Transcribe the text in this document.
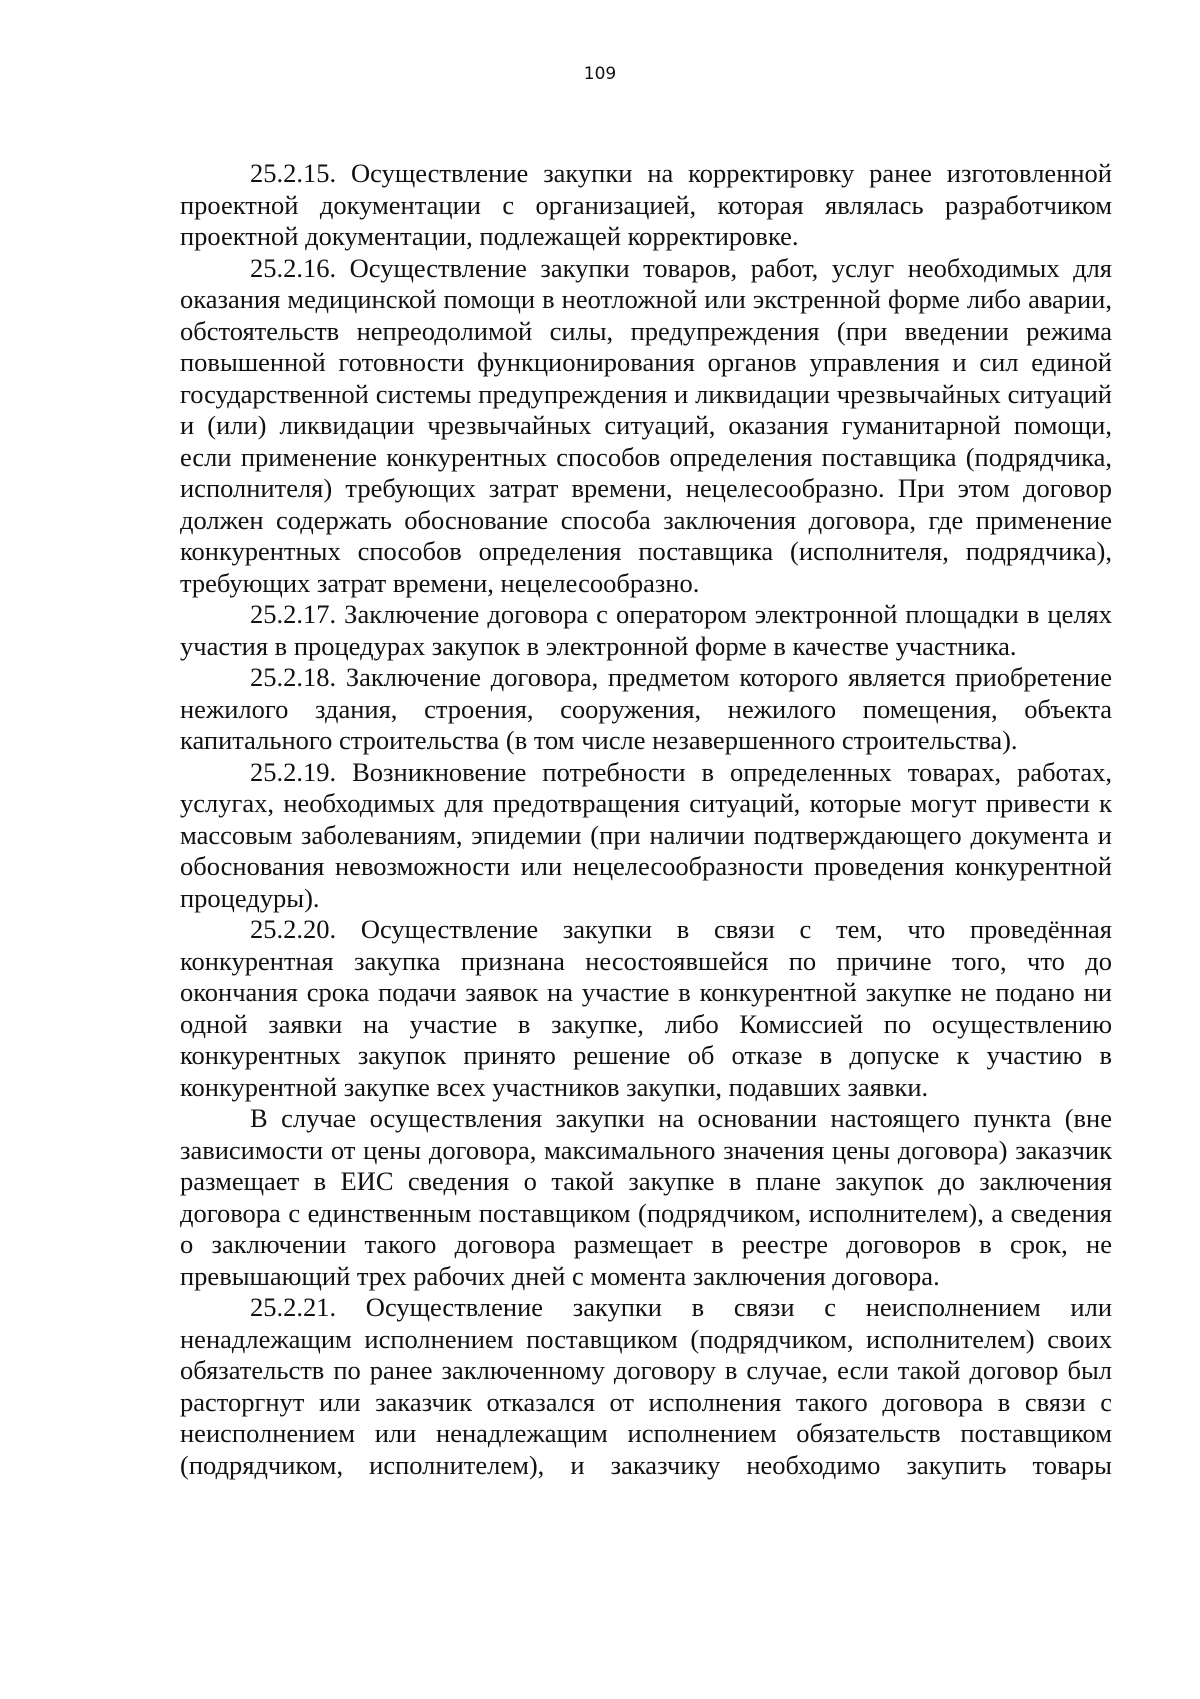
109

25.2.15. Осуществление закупки на корректировку ранее изготовленной проектной документации с организацией, которая являлась разработчиком проектной документации, подлежащей корректировке.

25.2.16. Осуществление закупки товаров, работ, услуг необходимых для оказания медицинской помощи в неотложной или экстренной форме либо аварии, обстоятельств непреодолимой силы, предупреждения (при введении режима повышенной готовности функционирования органов управления и сил единой государственной системы предупреждения и ликвидации чрезвычайных ситуаций и (или) ликвидации чрезвычайных ситуаций, оказания гуманитарной помощи, если применение конкурентных способов определения поставщика (подрядчика, исполнителя) требующих затрат времени, нецелесообразно. При этом договор должен содержать обоснование способа заключения договора, где применение конкурентных способов определения поставщика (исполнителя, подрядчика), требующих затрат времени, нецелесообразно.

25.2.17. Заключение договора с оператором электронной площадки в целях участия в процедурах закупок в электронной форме в качестве участника.

25.2.18. Заключение договора, предметом которого является приобретение нежилого здания, строения, сооружения, нежилого помещения, объекта капитального строительства (в том числе незавершенного строительства).

25.2.19. Возникновение потребности в определенных товарах, работах, услугах, необходимых для предотвращения ситуаций, которые могут привести к массовым заболеваниям, эпидемии (при наличии подтверждающего документа и обоснования невозможности или нецелесообразности проведения конкурентной процедуры).

25.2.20. Осуществление закупки в связи с тем, что проведённая конкурентная закупка признана несостоявшейся по причине того, что до окончания срока подачи заявок на участие в конкурентной закупке не подано ни одной заявки на участие в закупке, либо Комиссией по осуществлению конкурентных закупок принято решение об отказе в допуске к участию в конкурентной закупке всех участников закупки, подавших заявки.

В случае осуществления закупки на основании настоящего пункта (вне зависимости от цены договора, максимального значения цены договора) заказчик размещает в ЕИС сведения о такой закупке в плане закупок до заключения договора с единственным поставщиком (подрядчиком, исполнителем), а сведения о заключении такого договора размещает в реестре договоров в срок, не превышающий трех рабочих дней с момента заключения договора.

25.2.21. Осуществление закупки в связи с неисполнением или ненадлежащим исполнением поставщиком (подрядчиком, исполнителем) своих обязательств по ранее заключенному договору в случае, если такой договор был расторгнут или заказчик отказался от исполнения такого договора в связи с неисполнением или ненадлежащим исполнением обязательств поставщиком (подрядчиком, исполнителем), и заказчику необходимо закупить товары
